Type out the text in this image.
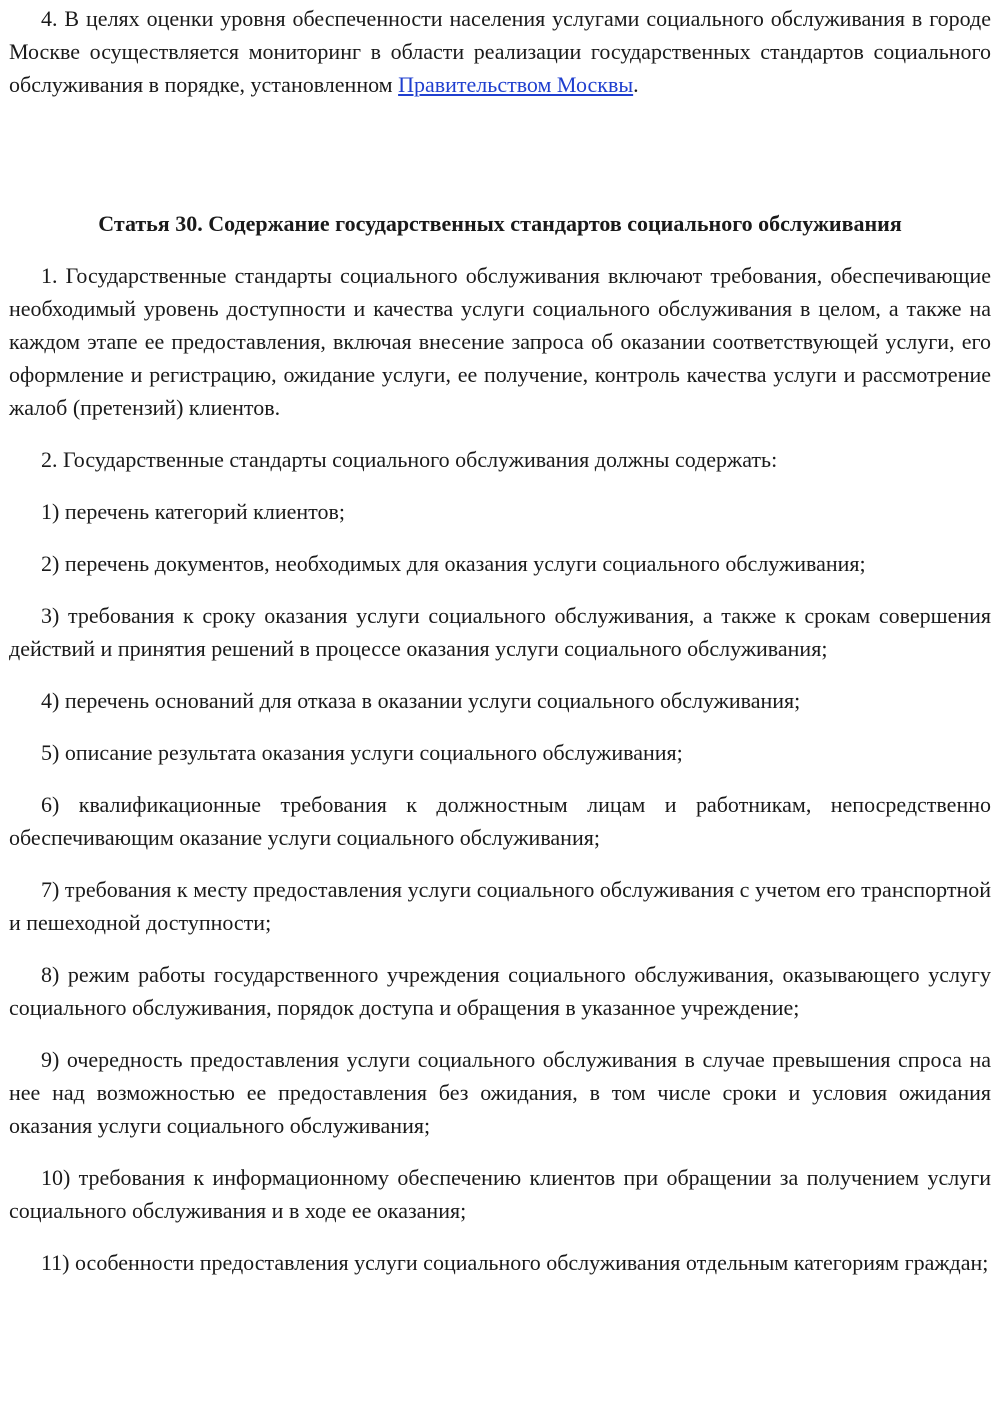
4. В целях оценки уровня обеспеченности населения услугами социального обслуживания в городе Москве осуществляется мониторинг в области реализации государственных стандартов социального обслуживания в порядке, установленном Правительством Москвы.

Статья 30. Содержание государственных стандартов социального обслуживания

1. Государственные стандарты социального обслуживания включают требования, обеспечивающие необходимый уровень доступности и качества услуги социального обслуживания в целом, а также на каждом этапе ее предоставления, включая внесение запроса об оказании соответствующей услуги, его оформление и регистрацию, ожидание услуги, ее получение, контроль качества услуги и рассмотрение жалоб (претензий) клиентов.

2. Государственные стандарты социального обслуживания должны содержать:

1) перечень категорий клиентов;

2) перечень документов, необходимых для оказания услуги социального обслуживания;

3) требования к сроку оказания услуги социального обслуживания, а также к срокам совершения действий и принятия решений в процессе оказания услуги социального обслуживания;

4) перечень оснований для отказа в оказании услуги социального обслуживания;

5) описание результата оказания услуги социального обслуживания;

6) квалификационные требования к должностным лицам и работникам, непосредственно обеспечивающим оказание услуги социального обслуживания;

7) требования к месту предоставления услуги социального обслуживания с учетом его транспортной и пешеходной доступности;

8) режим работы государственного учреждения социального обслуживания, оказывающего услугу социального обслуживания, порядок доступа и обращения в указанное учреждение;

9) очередность предоставления услуги социального обслуживания в случае превышения спроса на нее над возможностью ее предоставления без ожидания, в том числе сроки и условия ожидания оказания услуги социального обслуживания;

10) требования к информационному обеспечению клиентов при обращении за получением услуги социального обслуживания и в ходе ее оказания;

11) особенности предоставления услуги социального обслуживания отдельным категориям граждан;
